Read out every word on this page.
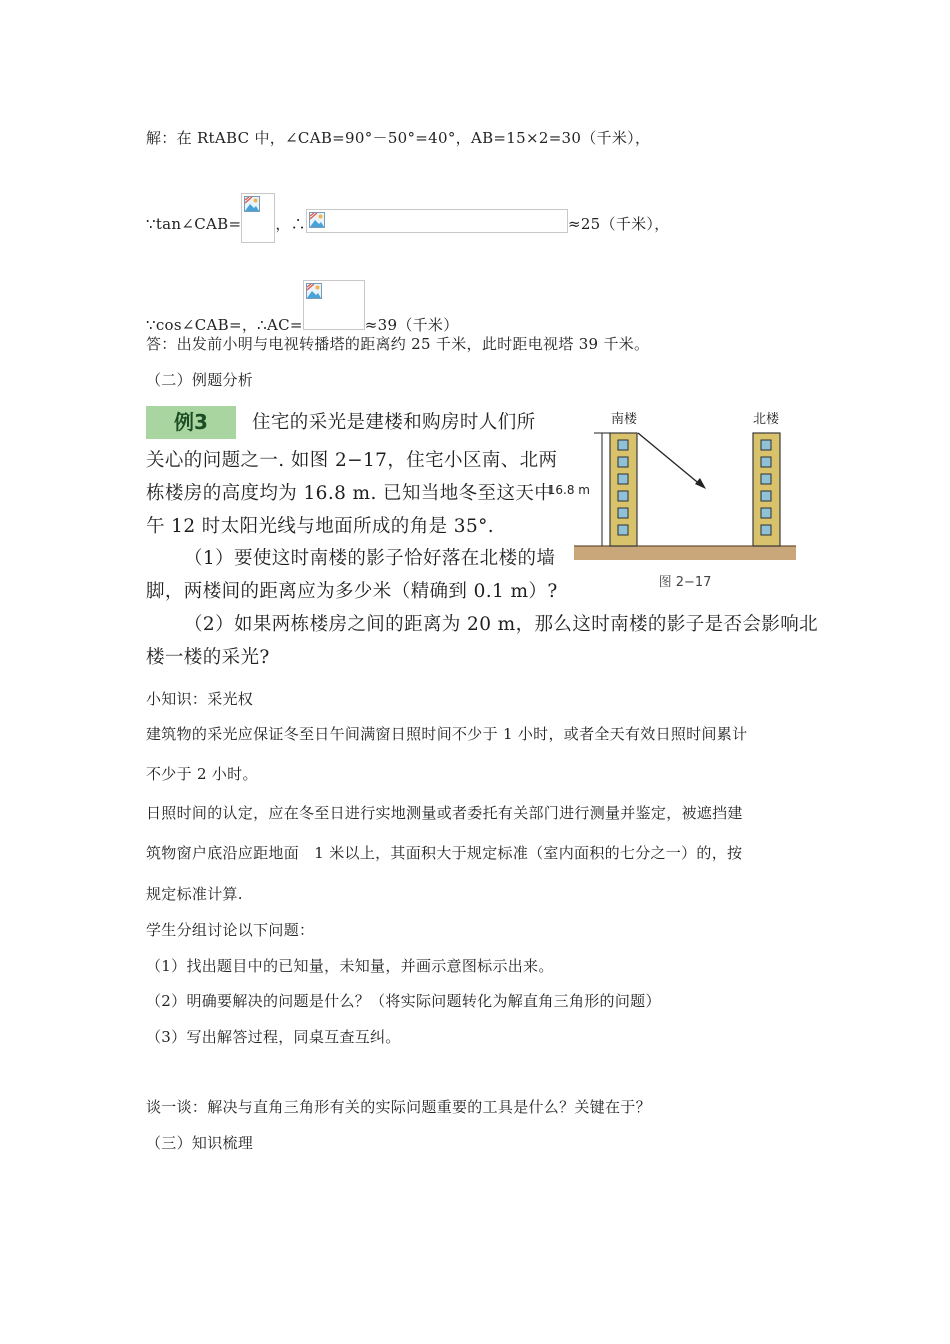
解：在 RtABC 中，∠CAB=90°－50°=40°，AB=15×2=30（千米），
∵tan∠CAB= ，∴	≈25（千米），
∵cos∠CAB=，∴AC=	≈39（千米）
答：出发前小明与电视转播塔的距离约 25 千米，此时距电视塔 39 千米。
（二）例题分析
例3	住宅的采光是建楼和购房时人们所
关心的问题之一. 如图 2−17，住宅小区南、北两
栋楼房的高度均为 16.8 m. 已知当地冬至这天中
午 12 时太阳光线与地面所成的角是 35°.
（1）要使这时南楼的影子恰好落在北楼的墙
脚，两楼间的距离应为多少米（精确到 0.1 m）?
（2）如果两栋楼房之间的距离为 20 m，那么这时南楼的影子是否会影响北
楼一楼的采光?
南楼	北楼
16.8 m
图 2−17
小知识：采光权
建筑物的采光应保证冬至日午间满窗日照时间不少于 1 小时，或者全天有效日照时间累计
不少于 2 小时。
日照时间的认定，应在冬至日进行实地测量或者委托有关部门进行测量并鉴定，被遮挡建
筑物窗户底沿应距地面　1 米以上，其面积大于规定标准（室内面积的七分之一）的，按
规定标准计算.
学生分组讨论以下问题：
（1）找出题目中的已知量，未知量，并画示意图标示出来。
（2）明确要解决的问题是什么？（将实际问题转化为解直角三角形的问题）
（3）写出解答过程，同桌互查互纠。
谈一谈：解决与直角三角形有关的实际问题重要的工具是什么？关键在于？
（三）知识梳理
